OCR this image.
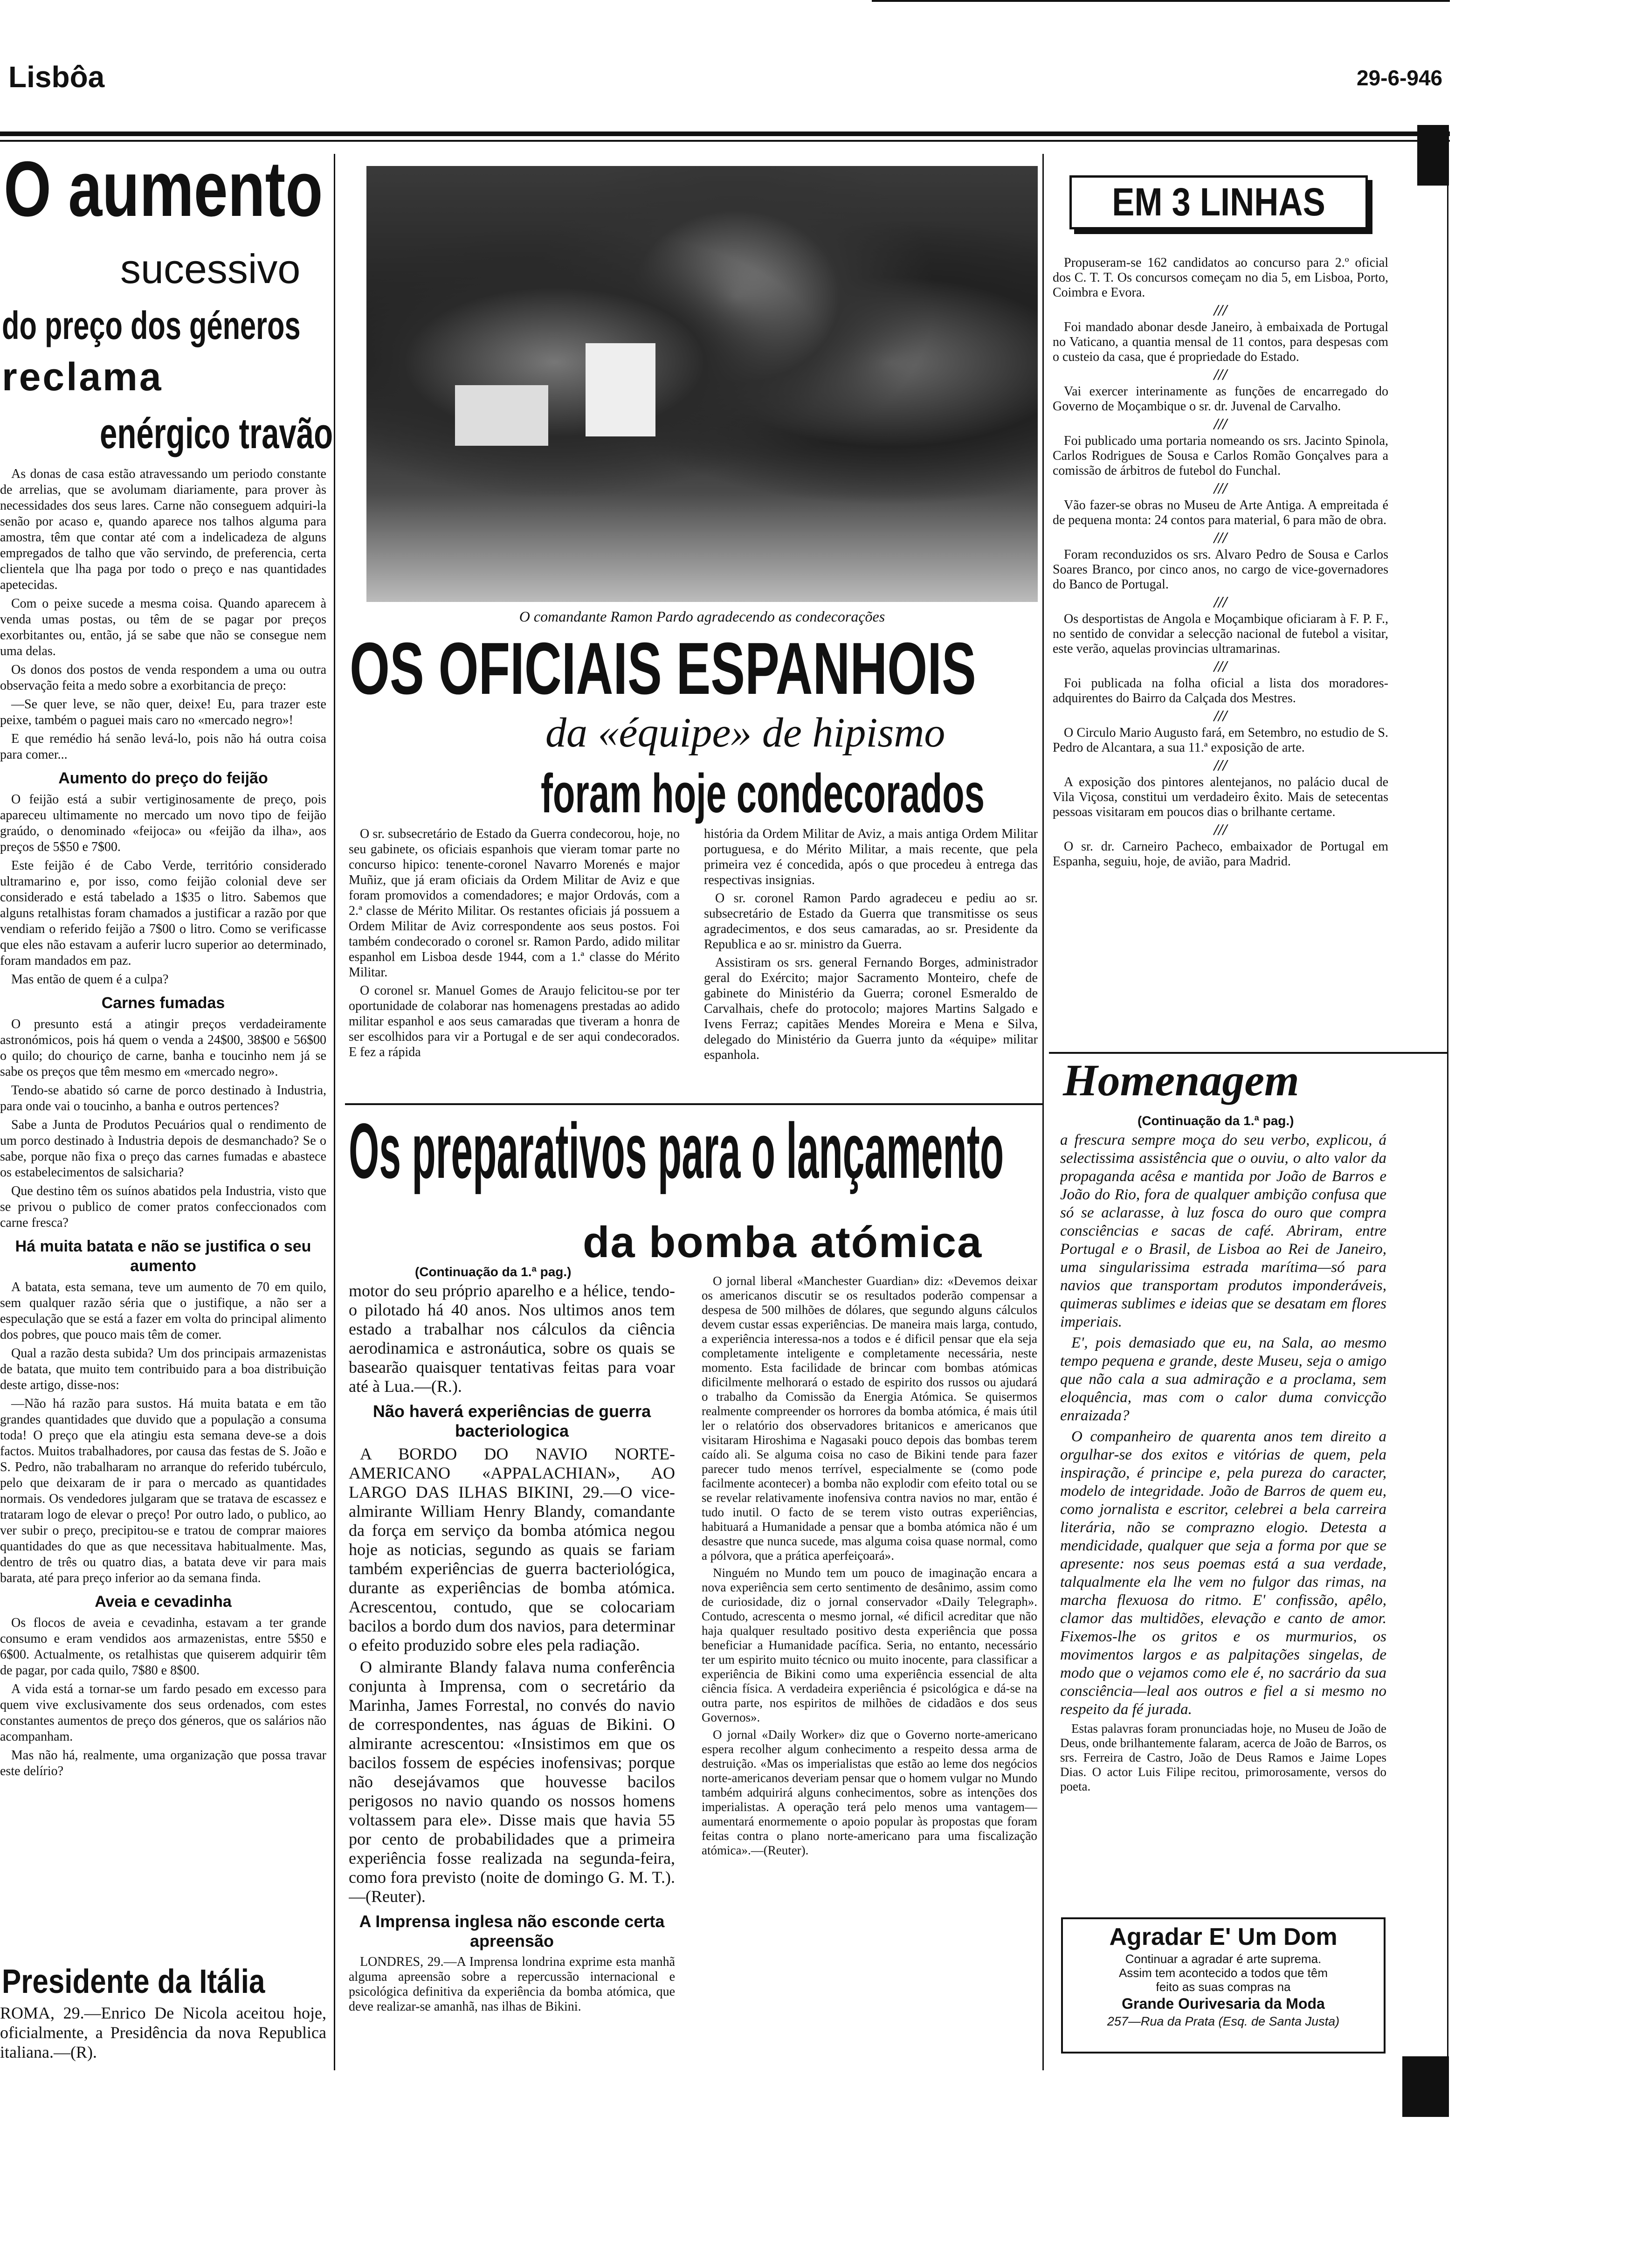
Lisbôa	29-6-946
O aumento
sucessivo
do preço dos géneros
reclama
enérgico travão

As donas de casa estão atravessando um periodo constante de arrelias, que se avolumam diariamente, para prover às necessidades dos seus lares. Carne não conseguem adquiri-la senão por acaso e, quando aparece nos talhos alguma para amostra, têm que contar até com a indelicadeza de alguns empregados de talho que vão servindo, de preferencia, certa clientela que lha paga por todo o preço e nas quantidades apetecidas.

Com o peixe sucede a mesma coisa. Quando aparecem à venda umas postas, ou têm de se pagar por preços exorbitantes ou, então, já se sabe que não se consegue nem uma delas.

Os donos dos postos de venda respondem a uma ou outra observação feita a medo sobre a exorbitancia de preço:

—Se quer leve, se não quer, deixe! Eu, para trazer este peixe, também o paguei mais caro no «mercado negro»!

E que remédio há senão levá-lo, pois não há outra coisa para comer...

Aumento do preço do feijão

O feijão está a subir vertiginosamente de preço, pois apareceu ultimamente no mercado um novo tipo de feijão graúdo, o denominado «feijoca» ou «feijão da ilha», aos preços de 5$50 e 7$00.

Este feijão é de Cabo Verde, território considerado ultramarino e, por isso, como feijão colonial deve ser considerado e está tabelado a 1$35 o litro. Sabemos que alguns retalhistas foram chamados a justificar a razão por que vendiam o referido feijão a 7$00 o litro. Como se verificasse que eles não estavam a auferir lucro superior ao determinado, foram mandados em paz.

Mas então de quem é a culpa?

Carnes fumadas

O presunto está a atingir preços verdadeiramente astronómicos, pois há quem o venda a 24$00, 38$00 e 56$00 o quilo; do chouriço de carne, banha e toucinho nem já se sabe os preços que têm mesmo em «mercado negro».

Tendo-se abatido só carne de porco destinado à Industria, para onde vai o toucinho, a banha e outros pertences?

Sabe a Junta de Produtos Pecuários qual o rendimento de um porco destinado à Industria depois de desmanchado? Se o sabe, porque não fixa o preço das carnes fumadas e abastece os estabelecimentos de salsicharia?

Que destino têm os suínos abatidos pela Industria, visto que se privou o publico de comer pratos confeccionados com carne fresca?

Há muita batata e não se justifica o seu aumento

A batata, esta semana, teve um aumento de 70 em quilo, sem qualquer razão séria que o justifique, a não ser a especulação que se está a fazer em volta do principal alimento dos pobres, que pouco mais têm de comer.

Qual a razão desta subida? Um dos principais armazenistas de batata, que muito tem contribuido para a boa distribuição deste artigo, disse-nos:

—Não há razão para sustos. Há muita batata e em tão grandes quantidades que duvido que a população a consuma toda! O preço que ela atingiu esta semana deve-se a dois factos. Muitos trabalhadores, por causa das festas de S. João e S. Pedro, não trabalharam no arranque do referido tubérculo, pelo que deixaram de ir para o mercado as quantidades normais. Os vendedores julgaram que se tratava de escassez e trataram logo de elevar o preço! Por outro lado, o publico, ao ver subir o preço, precipitou-se e tratou de comprar maiores quantidades do que as que necessitava habitualmente. Mas, dentro de três ou quatro dias, a batata deve vir para mais barata, até para preço inferior ao da semana finda.

Aveia e cevadinha

Os flocos de aveia e cevadinha, estavam a ter grande consumo e eram vendidos aos armazenistas, entre 5$50 e 6$00. Actualmente, os retalhistas que quiserem adquirir têm de pagar, por cada quilo, 7$80 e 8$00.

A vida está a tornar-se um fardo pesado em excesso para quem vive exclusivamente dos seus ordenados, com estes constantes aumentos de preço dos géneros, que os salários não acompanham.

Mas não há, realmente, uma organização que possa travar este delírio?

Presidente da Itália

ROMA, 29.—Enrico De Nicola aceitou hoje, oficialmente, a Presidência da nova Republica italiana.—(R).

O comandante Ramon Pardo agradecendo as condecorações
OS OFICIAIS ESPANHOIS
da «équipe» de hipismo
foram hoje condecorados

O sr. subsecretário de Estado da Guerra condecorou, hoje, no seu gabinete, os oficiais espanhois que vieram tomar parte no concurso hipico: tenente-coronel Navarro Morenés e major Muñiz, que já eram oficiais da Ordem Militar de Aviz e que foram promovidos a comendadores; e major Ordovás, com a 2.ª classe de Mérito Militar. Os restantes oficiais já possuem a Ordem Militar de Aviz correspondente aos seus postos. Foi também condecorado o coronel sr. Ramon Pardo, adido militar espanhol em Lisboa desde 1944, com a 1.ª classe do Mérito Militar.

O coronel sr. Manuel Gomes de Araujo felicitou-se por ter oportunidade de colaborar nas homenagens prestadas ao adido militar espanhol e aos seus camaradas que tiveram a honra de ser escolhidos para vir a Portugal e de ser aqui condecorados. E fez a rápida

história da Ordem Militar de Aviz, a mais antiga Ordem Militar portuguesa, e do Mérito Militar, a mais recente, que pela primeira vez é concedida, após o que procedeu à entrega das respectivas insignias.

O sr. coronel Ramon Pardo agradeceu e pediu ao sr. subsecretário de Estado da Guerra que transmitisse os seus agradecimentos, e dos seus camaradas, ao sr. Presidente da Republica e ao sr. ministro da Guerra.

Assistiram os srs. general Fernando Borges, administrador geral do Exército; major Sacramento Monteiro, chefe de gabinete do Ministério da Guerra; coronel Esmeraldo de Carvalhais, chefe do protocolo; majores Martins Salgado e Ivens Ferraz; capitães Mendes Moreira e Mena e Silva, delegado do Ministério da Guerra junto da «équipe» militar espanhola.

Os preparativos para o lançamento
da bomba atómica
(Continuação da 1.ª pag.)

motor do seu próprio aparelho e a hélice, tendo-o pilotado há 40 anos. Nos ultimos anos tem estado a trabalhar nos cálculos da ciência aerodinamica e astronáutica, sobre os quais se basearão quaisquer tentativas feitas para voar até à Lua.—(R.).

Não haverá experiências de guerra bacteriologica

A BORDO DO NAVIO NORTE-AMERICANO «APPALACHIAN», AO LARGO DAS ILHAS BIKINI, 29.—O vice-almirante William Henry Blandy, comandante da força em serviço da bomba atómica negou hoje as noticias, segundo as quais se fariam também experiências de guerra bacteriológica, durante as experiências de bomba atómica. Acrescentou, contudo, que se colocariam bacilos a bordo dum dos navios, para determinar o efeito produzido sobre eles pela radiação.

O almirante Blandy falava numa conferência conjunta à Imprensa, com o secretário da Marinha, James Forrestal, no convés do navio de correspondentes, nas águas de Bikini. O almirante acrescentou: «Insistimos em que os bacilos fossem de espécies inofensivas; porque não desejávamos que houvesse bacilos perigosos no navio quando os nossos homens voltassem para ele». Disse mais que havia 55 por cento de probabilidades que a primeira experiência fosse realizada na segunda-feira, como fora previsto (noite de domingo G. M. T.).—(Reuter).

A Imprensa inglesa não esconde certa apreensão

LONDRES, 29.—A Imprensa londrina exprime esta manhã alguma apreensão sobre a repercussão internacional e psicológica definitiva da experiência da bomba atómica, que deve realizar-se amanhã, nas ilhas de Bikini.

O jornal liberal «Manchester Guardian» diz: «Devemos deixar os americanos discutir se os resultados poderão compensar a despesa de 500 milhões de dólares, que segundo alguns cálculos devem custar essas experiências. De maneira mais larga, contudo, a experiência interessa-nos a todos e é dificil pensar que ela seja completamente inteligente e completamente necessária, neste momento. Esta facilidade de brincar com bombas atómicas dificilmente melhorará o estado de espirito dos russos ou ajudará o trabalho da Comissão da Energia Atómica. Se quisermos realmente compreender os horrores da bomba atómica, é mais útil ler o relatório dos observadores britanicos e americanos que visitaram Hiroshima e Nagasaki pouco depois das bombas terem caído ali. Se alguma coisa no caso de Bikini tende para fazer parecer tudo menos terrível, especialmente se (como pode facilmente acontecer) a bomba não explodir com efeito total ou se se revelar relativamente inofensiva contra navios no mar, então é tudo inutil. O facto de se terem visto outras experiências, habituará a Humanidade a pensar que a bomba atómica não é um desastre que nunca sucede, mas alguma coisa quase normal, como a pólvora, que a prática aperfeiçoará».

Ninguém no Mundo tem um pouco de imaginação encara a nova experiência sem certo sentimento de desânimo, assim como de curiosidade, diz o jornal conservador «Daily Telegraph». Contudo, acrescenta o mesmo jornal, «é dificil acreditar que não haja qualquer resultado positivo desta experiência que possa beneficiar a Humanidade pacífica. Seria, no entanto, necessário ter um espirito muito técnico ou muito inocente, para classificar a experiência de Bikini como uma experiência essencial de alta ciência física. A verdadeira experiência é psicológica e dá-se na outra parte, nos espiritos de milhões de cidadãos e dos seus Governos».

O jornal «Daily Worker» diz que o Governo norte-americano espera recolher algum conhecimento a respeito dessa arma de destruição. «Mas os imperialistas que estão ao leme dos negócios norte-americanos deveriam pensar que o homem vulgar no Mundo também adquirirá alguns conhecimentos, sobre as intenções dos imperialistas. A operação terá pelo menos uma vantagem—aumentará enormemente o apoio popular às propostas que foram feitas contra o plano norte-americano para uma fiscalização atómica».—(Reuter).

EM 3 LINHAS

Propuseram-se 162 candidatos ao concurso para 2.º oficial dos C. T. T. Os concursos começam no dia 5, em Lisboa, Porto, Coimbra e Evora.

///

Foi mandado abonar desde Janeiro, à embaixada de Portugal no Vaticano, a quantia mensal de 11 contos, para despesas com o custeio da casa, que é propriedade do Estado.

///

Vai exercer interinamente as funções de encarregado do Governo de Moçambique o sr. dr. Juvenal de Carvalho.

///

Foi publicado uma portaria nomeando os srs. Jacinto Spinola, Carlos Rodrigues de Sousa e Carlos Romão Gonçalves para a comissão de árbitros de futebol do Funchal.

///

Vão fazer-se obras no Museu de Arte Antiga. A empreitada é de pequena monta: 24 contos para material, 6 para mão de obra.

///

Foram reconduzidos os srs. Alvaro Pedro de Sousa e Carlos Soares Branco, por cinco anos, no cargo de vice-governadores do Banco de Portugal.

///

Os desportistas de Angola e Moçambique oficiaram à F. P. F., no sentido de convidar a selecção nacional de futebol a visitar, este verão, aquelas provincias ultramarinas.

///

Foi publicada na folha oficial a lista dos moradores-adquirentes do Bairro da Calçada dos Mestres.

///

O Circulo Mario Augusto fará, em Setembro, no estudio de S. Pedro de Alcantara, a sua 11.ª exposição de arte.

///

A exposição dos pintores alentejanos, no palácio ducal de Vila Viçosa, constitui um verdadeiro êxito. Mais de setecentas pessoas visitaram em poucos dias o brilhante certame.

///

O sr. dr. Carneiro Pacheco, embaixador de Portugal em Espanha, seguiu, hoje, de avião, para Madrid.

Homenagem
(Continuação da 1.ª pag.)

a frescura sempre moça do seu verbo, explicou, á selectissima assistência que o ouviu, o alto valor da propaganda acêsa e mantida por João de Barros e João do Rio, fora de qualquer ambição confusa que só se aclarasse, à luz fosca do ouro que compra consciências e sacas de café. Abriram, entre Portugal e o Brasil, de Lisboa ao Rei de Janeiro, uma singularissima estrada marítima—só para navios que transportam produtos imponderáveis, quimeras sublimes e ideias que se desatam em flores imperiais.

E', pois demasiado que eu, na Sala, ao mesmo tempo pequena e grande, deste Museu, seja o amigo que não cala a sua admiração e a proclama, sem eloquência, mas com o calor duma convicção enraizada?

O companheiro de quarenta anos tem direito a orgulhar-se dos exitos e vitórias de quem, pela inspiração, é principe e, pela pureza do caracter, modelo de integridade. João de Barros de quem eu, como jornalista e escritor, celebrei a bela carreira literária, não se comprazno elogio. Detesta a mendicidade, qualquer que seja a forma por que se apresente: nos seus poemas está a sua verdade, talqualmente ela lhe vem no fulgor das rimas, na marcha flexuosa do ritmo. E' confissão, apêlo, clamor das multidões, elevação e canto de amor. Fixemos-lhe os gritos e os murmurios, os movimentos largos e as palpitações singelas, de modo que o vejamos como ele é, no sacrário da sua consciência—leal aos outros e fiel a si mesmo no respeito da fé jurada.

Estas palavras foram pronunciadas hoje, no Museu de João de Deus, onde brilhantemente falaram, acerca de João de Barros, os srs. Ferreira de Castro, João de Deus Ramos e Jaime Lopes Dias. O actor Luis Filipe recitou, primorosamente, versos do poeta.

Agradar E' Um Dom
Continuar a agradar é arte suprema.
Assim tem acontecido a todos que têm
feito as suas compras na
Grande Ourivesaria da Moda
257—Rua da Prata (Esq. de Santa Justa)
